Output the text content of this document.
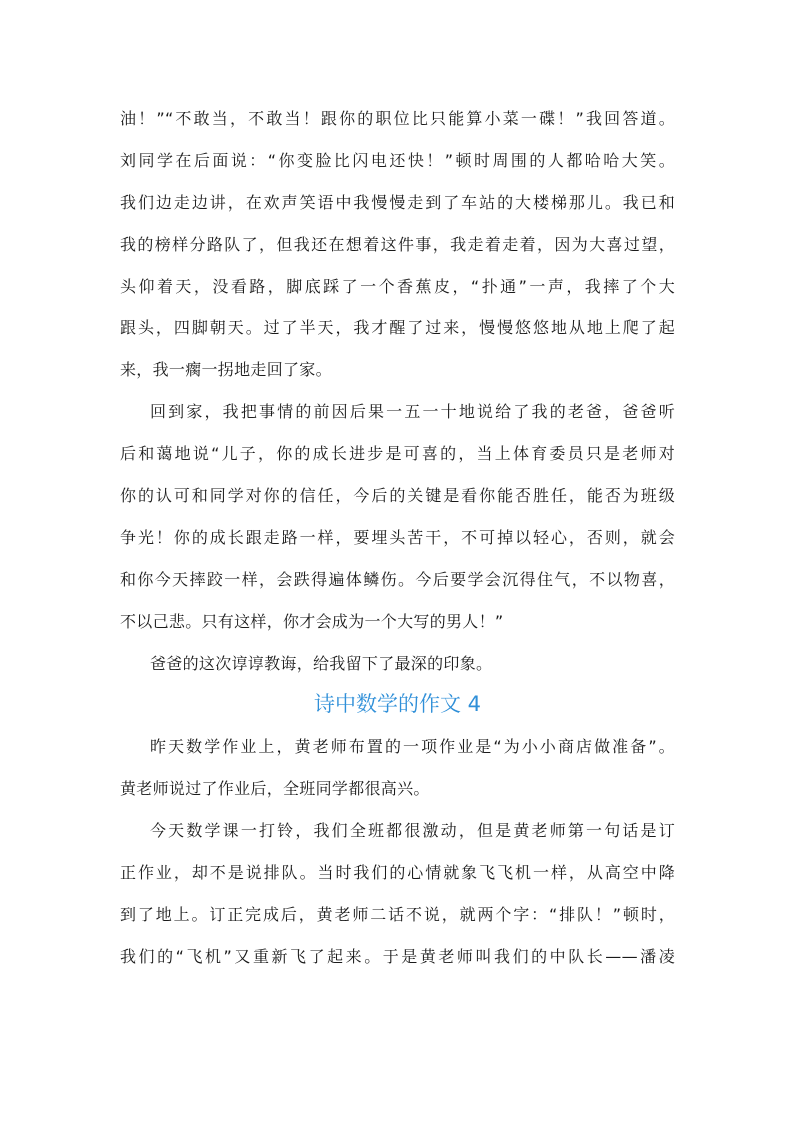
油！”“不敢当，不敢当！跟你的职位比只能算小菜一碟！”我回答道。
刘同学在后面说：“你变脸比闪电还快！”顿时周围的人都哈哈大笑。
我们边走边讲，在欢声笑语中我慢慢走到了车站的大楼梯那儿。我已和
我的榜样分路队了，但我还在想着这件事，我走着走着，因为大喜过望，
头仰着天，没看路，脚底踩了一个香蕉皮，“扑通”一声，我摔了个大
跟头，四脚朝天。过了半天，我才醒了过来，慢慢悠悠地从地上爬了起
来，我一瘸一拐地走回了家。
回到家，我把事情的前因后果一五一十地说给了我的老爸，爸爸听
后和蔼地说“儿子，你的成长进步是可喜的，当上体育委员只是老师对
你的认可和同学对你的信任，今后的关键是看你能否胜任，能否为班级
争光！你的成长跟走路一样，要埋头苦干，不可掉以轻心，否则，就会
和你今天摔跤一样，会跌得遍体鳞伤。今后要学会沉得住气，不以物喜，
不以己悲。只有这样，你才会成为一个大写的男人！”
爸爸的这次谆谆教诲，给我留下了最深的印象。
诗中数学的作文 4
昨天数学作业上，黄老师布置的一项作业是“为小小商店做准备”。
黄老师说过了作业后，全班同学都很高兴。
今天数学课一打铃，我们全班都很激动，但是黄老师第一句话是订
正作业，却不是说排队。当时我们的心情就象飞飞机一样，从高空中降
到了地上。订正完成后，黄老师二话不说，就两个字：“排队！”顿时，
我们的“飞机”又重新飞了起来。于是黄老师叫我们的中队长——潘凌
